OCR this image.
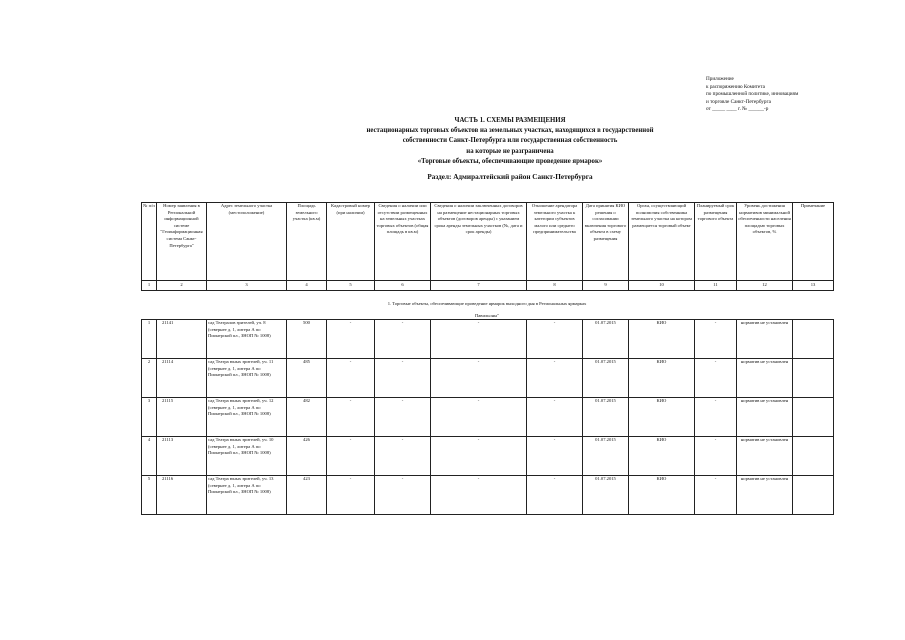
Приложение
к распоряжению Комитета
по промышленной политике, инновациям
и торговле Санкт-Петербурга
от _____ ____ г. № ______-р
ЧАСТЬ 1. СХЕМЫ РАЗМЕЩЕНИЯ
нестационарных торговых объектов на земельных участках, находящихся в государственной
собственности Санкт-Петербурга или государственная собственность
на которые не разграничена
«Торговые объекты, обеспечивающие проведение ярмарок»
Раздел: Адмиралтейский район Санкт-Петербурга
№ п/п	Номер заявления в Региональной информационной системе "Геоинформационная система Санкт-Петербурга"	Адрес земельного участка (местоположение)	Площадь земельного участка (кв.м)	Кадастровый номер (при наличии)	Сведения о наличии или отсутствии размещенных на земельных участках торговых объектов (общая площадь в кв.м)	Сведения о наличии заключенных договоров на размещение нестационарных торговых объектов (договоров аренды) с указанием срока аренды земельных участков (№, дата и срок аренды)	Отношение арендатора земельного участка к категории субъектов малого или среднего предпринимательства	Дата принятия КИО решения о согласовании включения торгового объекта в схему размещения	Орган, осуществляющий полномочия собственника земельного участка на котором размещается торговый объект	Планируемый срок размещения торгового объекта	Уровень достижения нормативов минимальной обеспеченности населения площадью торговых объектов, %	Примечание
1	2	3	4	5	6	7	8	9	10	11	12	13
1. Торговые объекты, обеспечивающие проведение ярмарок выходного дня в Региональных ярмарках
Павильоны"
1	21141	сад Театралов зрителей, уч. 8 (севернее д. 1, литера А по Пионерской пл., ЗНОП № 1008)	500	-	-	-	-	01.07.2015	КИО	-	норматив не установлен	
2	21114	сад Театра юных зрителей, уч. 11 (севернее д. 1, литера А по Пионерской пл., ЗНОП № 1008)	485	-	-	-	-	01.07.2015	КИО	-	норматив не установлен	
3	21115	сад Театра юных зрителей, уч. 12 (севернее д. 1, литера А по Пионерской пл., ЗНОП № 1008)	482	-	-	-	-	01.07.2015	КИО	-	норматив не установлен	
4	21113	сад Театра юных зрителей, уч. 10 (севернее д. 1, литера А по Пионерской пл., ЗНОП № 1008)	426	-	-	-	-	01.07.2015	КИО	-	норматив не установлен	
5	21116	сад Театра юных зрителей, уч. 13 (севернее д. 1, литера А по Пионерской пл., ЗНОП № 1008)	423	-	-	-	-	01.07.2015	КИО	-	норматив не установлен	
